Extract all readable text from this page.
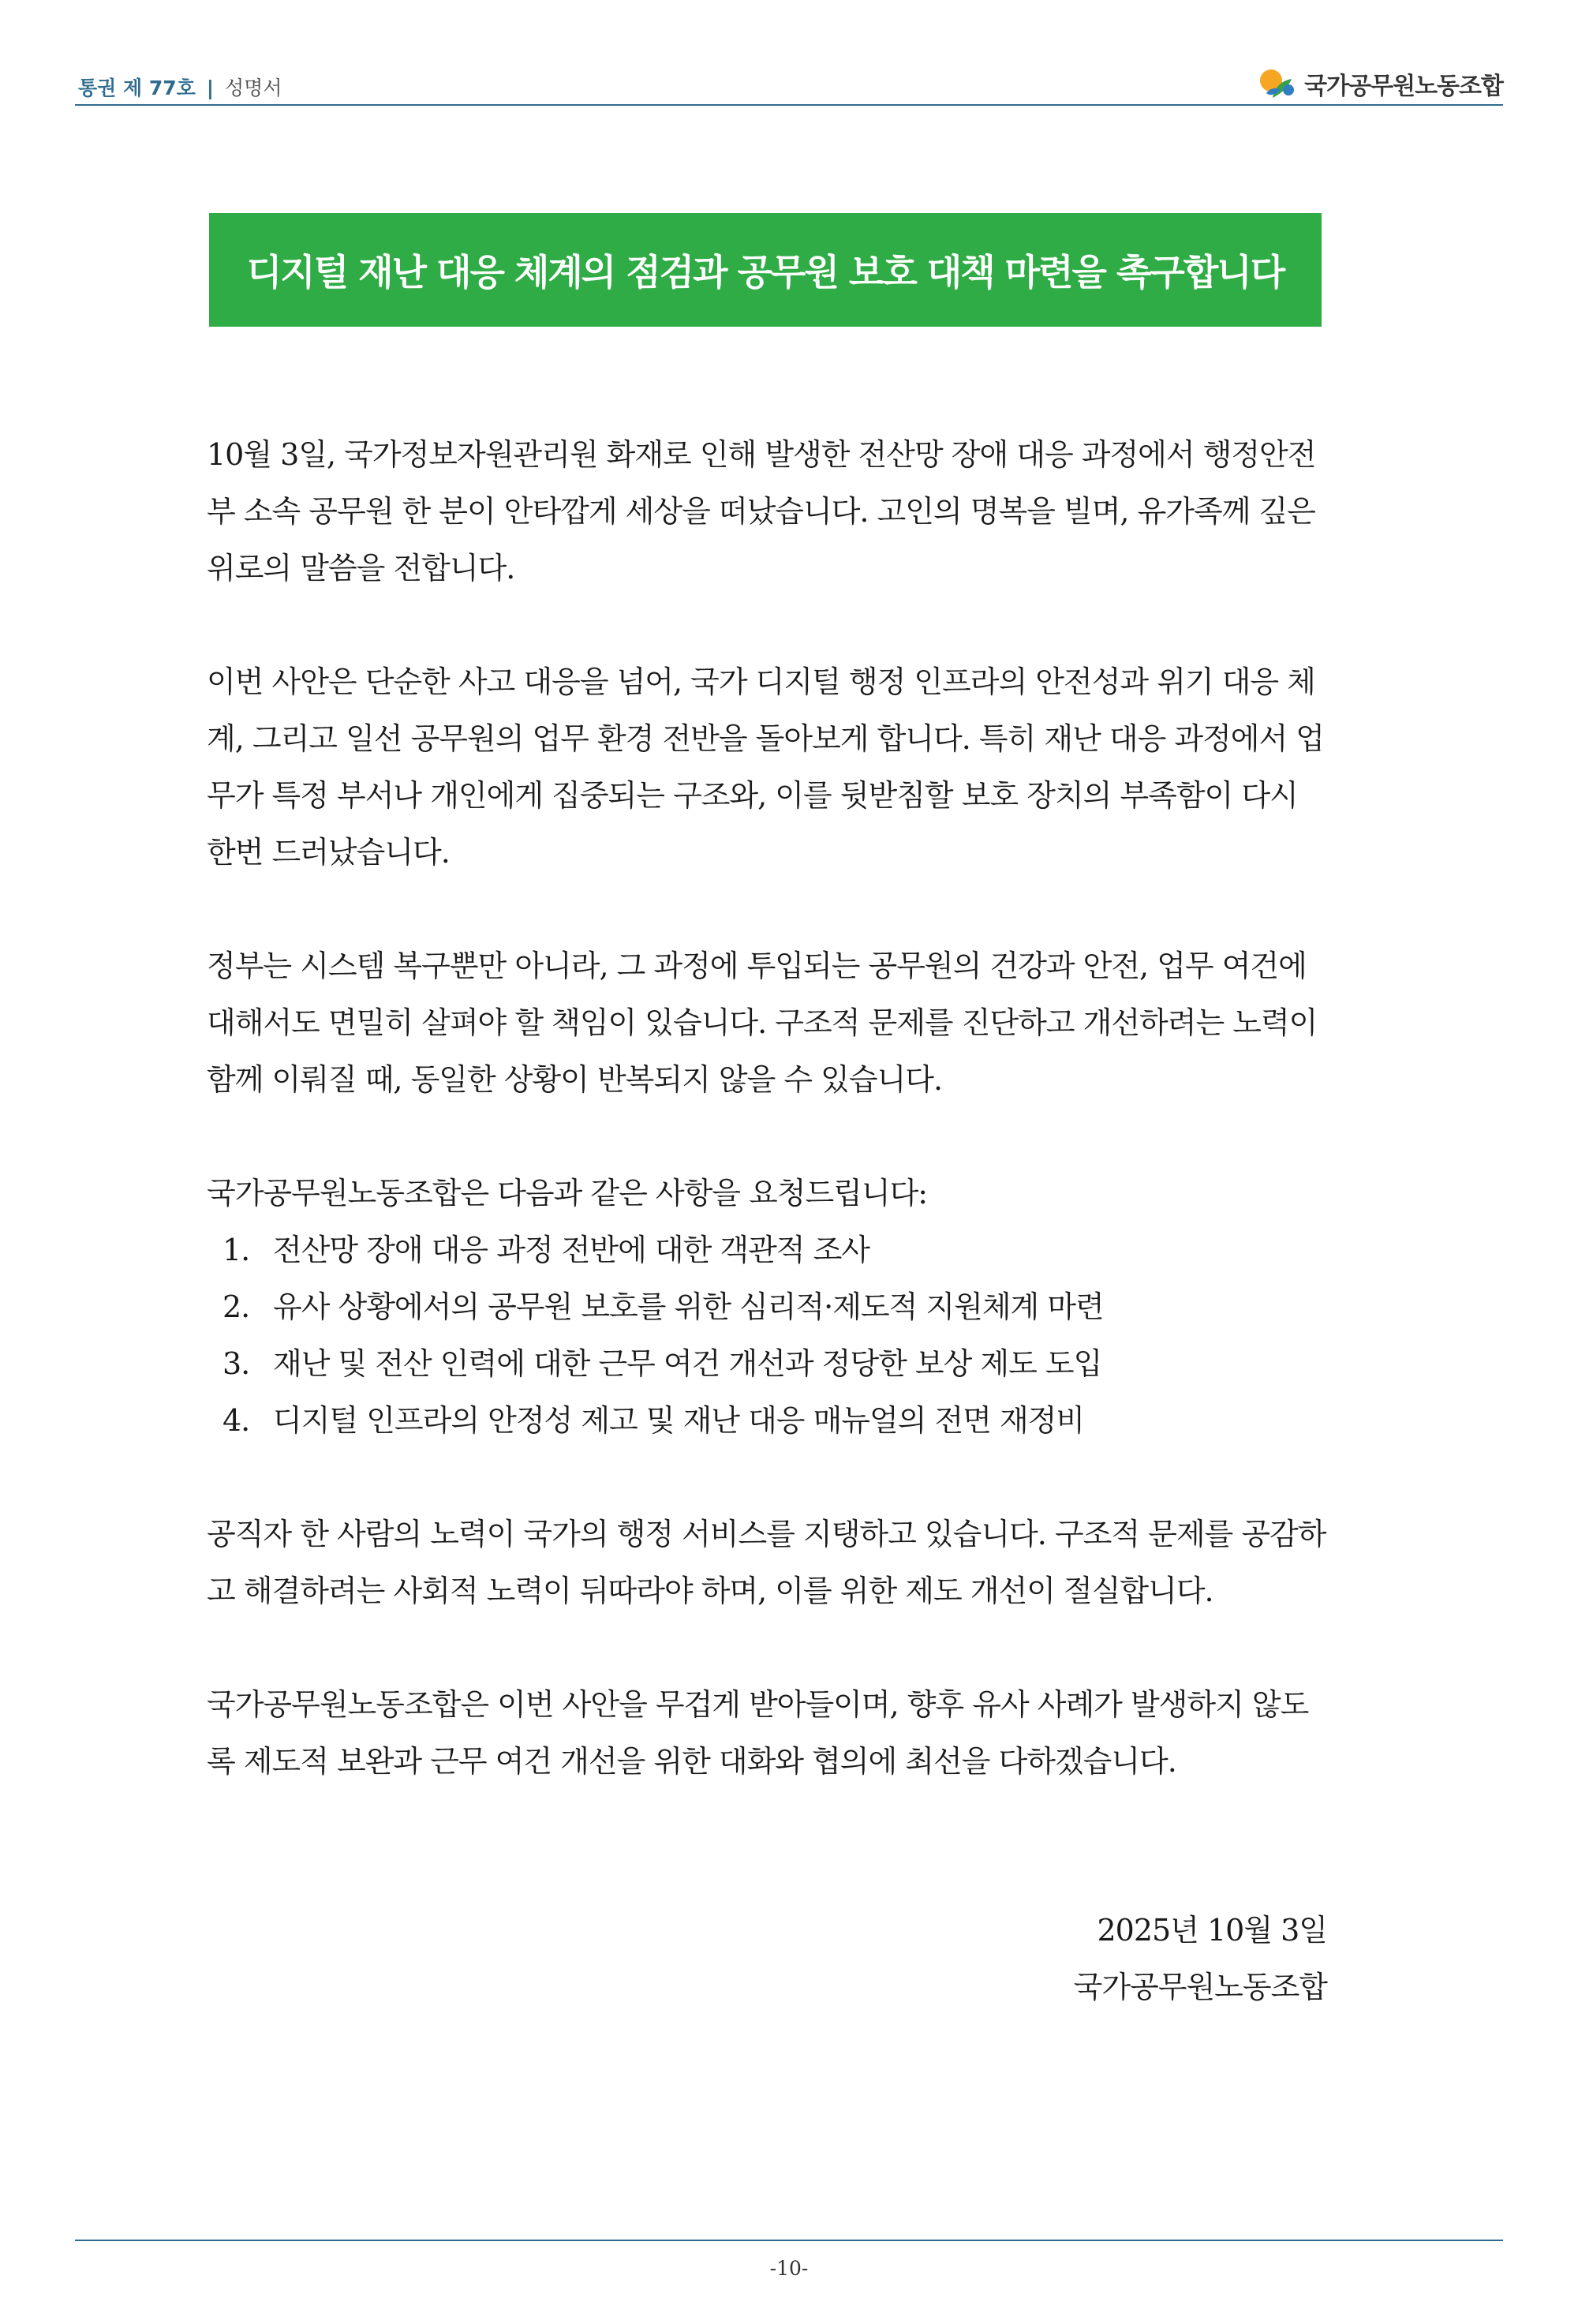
통권 제 77호 | 성명서	국가공무원노동조합
디지털 재난 대응 체계의 점검과 공무원 보호 대책 마련을 촉구합니다

10월 3일, 국가정보자원관리원 화재로 인해 발생한 전산망 장애 대응 과정에서 행정안전부 소속 공무원 한 분이 안타깝게 세상을 떠났습니다. 고인의 명복을 빌며, 유가족께 깊은 위로의 말씀을 전합니다.

이번 사안은 단순한 사고 대응을 넘어, 국가 디지털 행정 인프라의 안전성과 위기 대응 체계, 그리고 일선 공무원의 업무 환경 전반을 돌아보게 합니다. 특히 재난 대응 과정에서 업무가 특정 부서나 개인에게 집중되는 구조와, 이를 뒷받침할 보호 장치의 부족함이 다시 한번 드러났습니다.

정부는 시스템 복구뿐만 아니라, 그 과정에 투입되는 공무원의 건강과 안전, 업무 여건에 대해서도 면밀히 살펴야 할 책임이 있습니다. 구조적 문제를 진단하고 개선하려는 노력이 함께 이뤄질 때, 동일한 상황이 반복되지 않을 수 있습니다.

국가공무원노동조합은 다음과 같은 사항을 요청드립니다:

1. 전산망 장애 대응 과정 전반에 대한 객관적 조사
2. 유사 상황에서의 공무원 보호를 위한 심리적·제도적 지원체계 마련
3. 재난 및 전산 인력에 대한 근무 여건 개선과 정당한 보상 제도 도입
4. 디지털 인프라의 안정성 제고 및 재난 대응 매뉴얼의 전면 재정비

공직자 한 사람의 노력이 국가의 행정 서비스를 지탱하고 있습니다. 구조적 문제를 공감하고 해결하려는 사회적 노력이 뒤따라야 하며, 이를 위한 제도 개선이 절실합니다.

국가공무원노동조합은 이번 사안을 무겁게 받아들이며, 향후 유사 사례가 발생하지 않도록 제도적 보완과 근무 여건 개선을 위한 대화와 협의에 최선을 다하겠습니다.

2025년 10월 3일
국가공무원노동조합
-10-
